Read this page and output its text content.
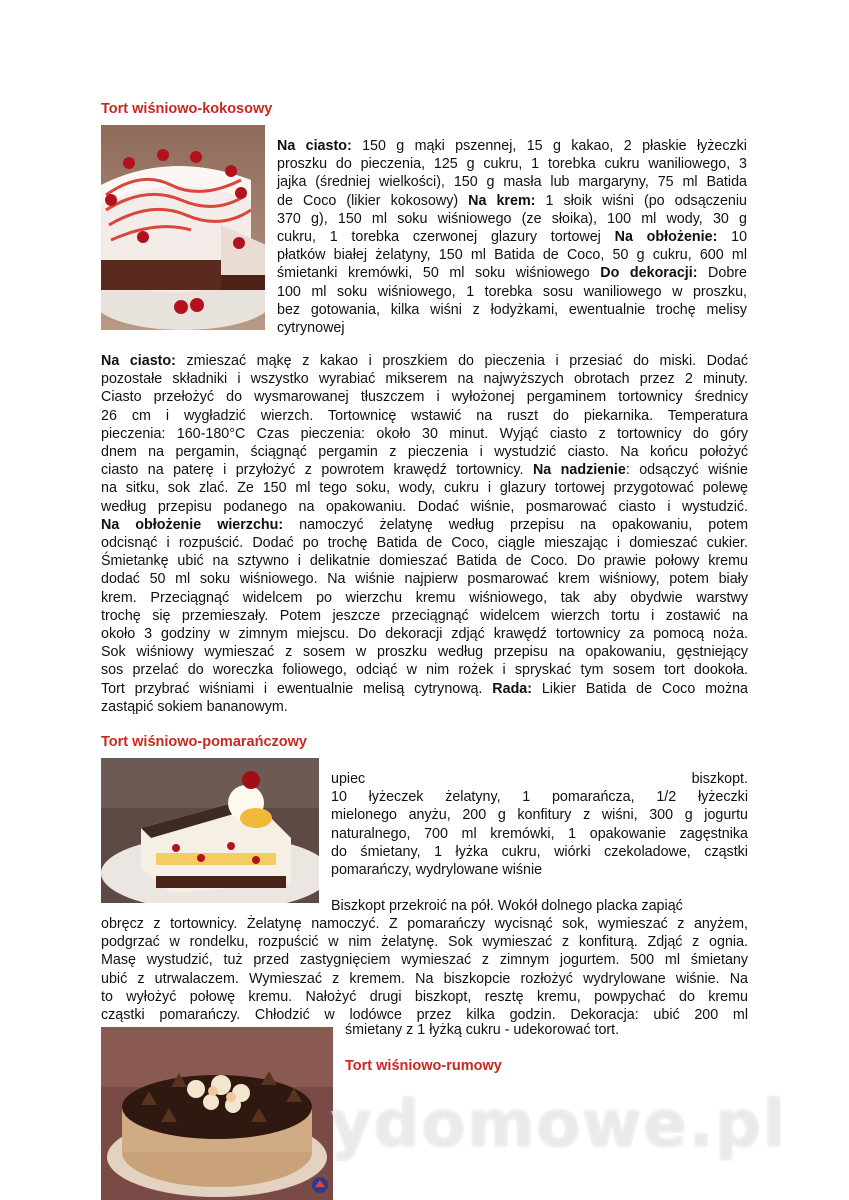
Tort wiśniowo-kokosowy
Na ciasto: 150 g mąki pszennej, 15 g kakao, 2 płaskie łyżeczki
proszku do pieczenia, 125 g cukru, 1 torebka cukru waniliowego, 3
jajka (średniej wielkości), 150 g masła lub margaryny, 75 ml Batida
de Coco (likier kokosowy) Na krem: 1 słoik wiśni (po odsączeniu
370 g), 150 ml soku wiśniowego (ze słoika), 100 ml wody, 30 g
cukru, 1 torebka czerwonej glazury tortowej Na obłożenie: 10
płatków białej żelatyny, 150 ml Batida de Coco, 50 g cukru, 600 ml
śmietanki kremówki, 50 ml soku wiśniowego Do dekoracji: Dobre
100 ml soku wiśniowego, 1 torebka sosu waniliowego w proszku,
bez gotowania, kilka wiśni z łodyżkami, ewentualnie trochę melisy
cytrynowej
Na ciasto: zmieszać mąkę z kakao i proszkiem do pieczenia i przesiać do miski. Dodać
pozostałe składniki i wszystko wyrabiać mikserem na najwyższych obrotach przez 2 minuty.
Ciasto przełożyć do wysmarowanej tłuszczem i wyłożonej pergaminem tortownicy średnicy
26 cm i wygładzić wierzch. Tortownicę wstawić na ruszt do piekarnika. Temperatura
pieczenia: 160-180°C Czas pieczenia: około 30 minut. Wyjąć ciasto z tortownicy do góry
dnem na pergamin, ściągnąć pergamin z pieczenia i wystudzić ciasto. Na końcu położyć
ciasto na paterę i przyłożyć z powrotem krawędź tortownicy. Na nadzienie: odsączyć wiśnie
na sitku, sok zlać. Ze 150 ml tego soku, wody, cukru i glazury tortowej przygotować polewę
według przepisu podanego na opakowaniu. Dodać wiśnie, posmarować ciasto i wystudzić.
Na obłożenie wierzchu: namoczyć żelatynę według przepisu na opakowaniu, potem
odcisnąć i rozpuścić. Dodać po trochę Batida de Coco, ciągle mieszając i domieszać cukier.
Śmietankę ubić na sztywno i delikatnie domieszać Batida de Coco. Do prawie połowy kremu
dodać 50 ml soku wiśniowego. Na wiśnie najpierw posmarować krem wiśniowy, potem biały
krem. Przeciągnąć widelcem po wierzchu kremu wiśniowego, tak aby obydwie warstwy
trochę się przemieszały. Potem jeszcze przeciągnąć widelcem wierzch tortu i zostawić na
około 3 godziny w zimnym miejscu. Do dekoracji zdjąć krawędź tortownicy za pomocą noża.
Sok wiśniowy wymieszać z sosem w proszku według przepisu na opakowaniu, gęstniejący
sos przelać do woreczka foliowego, odciąć w nim rożek i spryskać tym sosem tort dookoła.
Tort przybrać wiśniami i ewentualnie melisą cytrynową. Rada: Likier Batida de Coco można
zastąpić sokiem bananowym.
Tort wiśniowo-pomarańczowy
upiec biszkopt.
10 łyżeczek żelatyny, 1 pomarańcza, 1/2 łyżeczki
mielonego anyżu, 200 g konfitury z wiśni, 300 g jogurtu
naturalnego, 700 ml kremówki, 1 opakowanie zagęstnika
do śmietany, 1 łyżka cukru, wiórki czekoladowe, cząstki
pomarańczy, wydrylowane wiśnie
Biszkopt przekroić na pół. Wokół dolnego placka zapiąć
obręcz z tortownicy. Żelatynę namoczyć. Z pomarańczy wycisnąć sok, wymieszać z anyżem,
podgrzać w rondelku, rozpuścić w nim żelatynę. Sok wymieszać z konfiturą. Zdjąć z ognia.
Masę wystudzić, tuż przed zastygnięciem wymieszać z zimnym jogurtem. 500 ml śmietany
ubić z utrwalaczem. Wymieszać z kremem. Na biszkopcie rozłożyć wydrylowane wiśnie. Na
to wyłożyć połowę kremu. Nałożyć drugi biszkopt, resztę kremu, powpychać do kremu
cząstki pomarańczy. Chłodzić w lodówce przez kilka godzin. Dekoracja: ubić 200 ml
śmietany z 1 łyżką cukru - udekorować tort.
Tort wiśniowo-rumowy
ydomowe.pl
